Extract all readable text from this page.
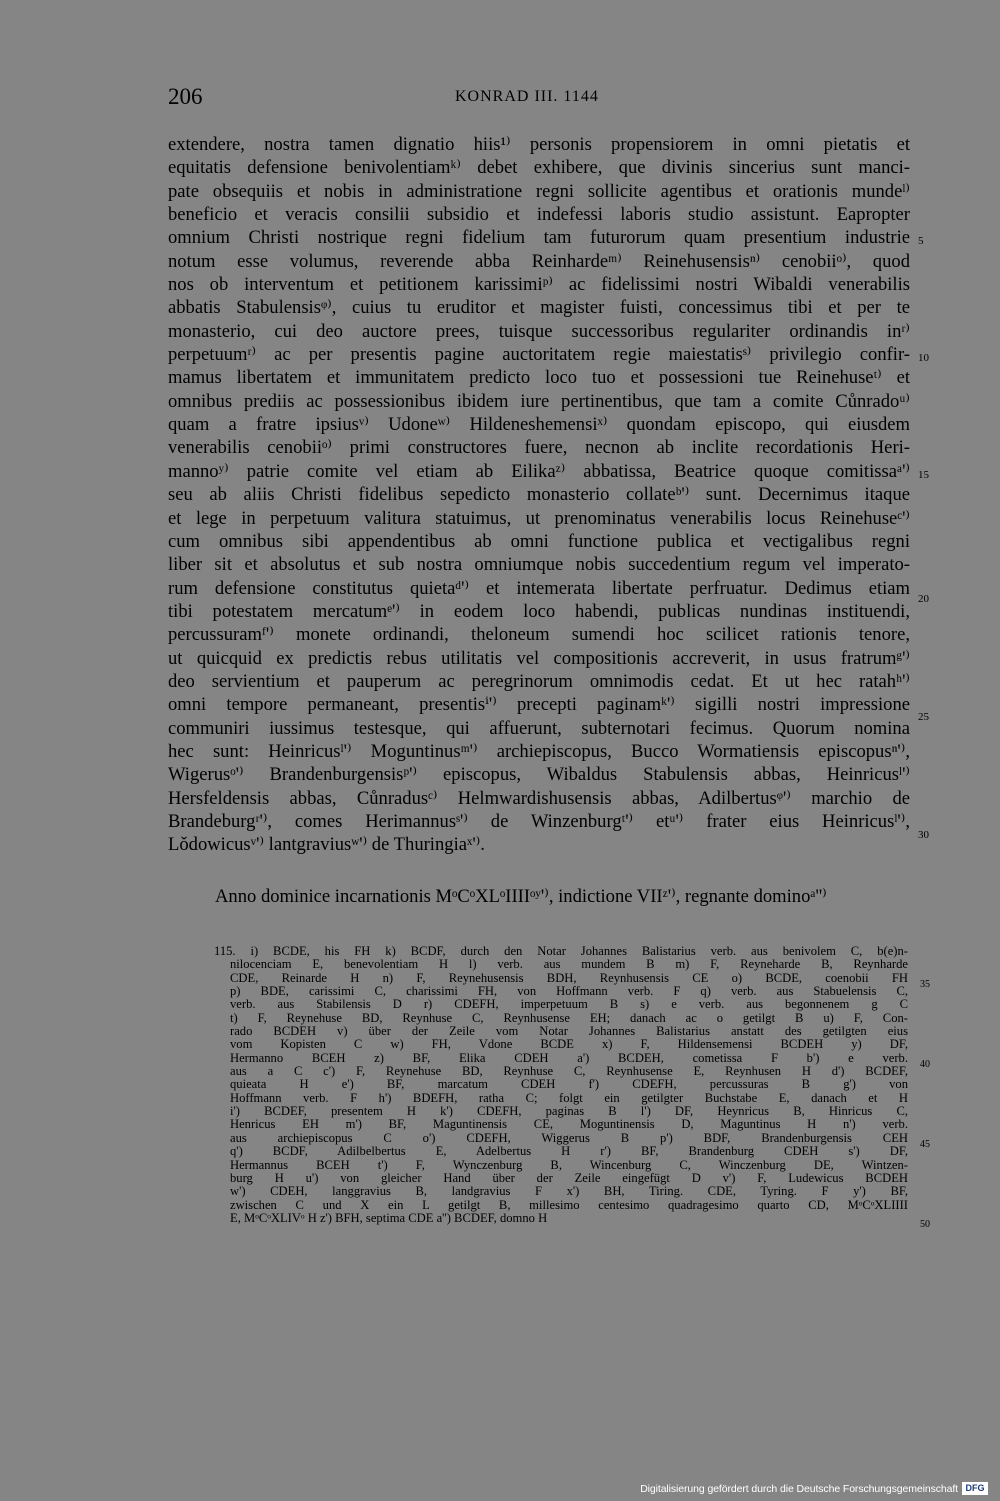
206	KONRAD III. 1144
extendere, nostra tamen dignatio hiis¹⁾ personis propensiorem in omni pietatis et
equitatis defensione benivolentiamᵏ⁾ debet exhibere, que divinis sincerius sunt manci-
pate obsequiis et nobis in administratione regni sollicite agentibus et orationis mundeˡ⁾
beneficio et veracis consilii subsidio et indefessi laboris studio assistunt. Eapropter
omnium Christi nostrique regni fidelium tam futurorum quam presentium industrie
notum esse volumus, reverende abba Reinhardeᵐ⁾ Reinehusensisⁿ⁾ cenobiiᵒ⁾, quod
nos ob interventum et petitionem karissimiᵖ⁾ ac fidelissimi nostri Wibaldi venerabilis
abbatis Stabulensisᵠ⁾, cuius tu eruditor et magister fuisti, concessimus tibi et per te
monasterio, cui deo auctore prees, tuisque successoribus regulariter ordinandis inʳ⁾
perpetuumʳ⁾ ac per presentis pagine auctoritatem regie maiestatisˢ⁾ privilegio confir-
mamus libertatem et immunitatem predicto loco tuo et possessioni tue Reinehuseᵗ⁾ et
omnibus prediis ac possessionibus ibidem iure pertinentibus, que tam a comite Cůnradoᵘ⁾
quam a fratre ipsiusᵛ⁾ Udoneʷ⁾ Hildeneshemensiˣ⁾ quondam episcopo, qui eiusdem
venerabilis cenobiiᵒ⁾ primi constructores fuere, necnon ab inclite recordationis Heri-
mannoʸ⁾ patrie comite vel etiam ab Eilikaᶻ⁾ abbatissa, Beatrice quoque comitissaᵃ'⁾
seu ab aliis Christi fidelibus sepedicto monasterio collateᵇ'⁾ sunt. Decernimus itaque
et lege in perpetuum valitura statuimus, ut prenominatus venerabilis locus Reinehuseᶜ'⁾
cum omnibus sibi appendentibus ab omni functione publica et vectigalibus regni
liber sit et absolutus et sub nostra omniumque nobis succedentium regum vel imperato-
rum defensione constitutus quietaᵈ'⁾ et intemerata libertate perfruatur. Dedimus etiam
tibi potestatem mercatumᵉ'⁾ in eodem loco habendi, publicas nundinas instituendi,
percussuramᶠ'⁾ monete ordinandi, theloneum sumendi hoc scilicet rationis tenore,
ut quicquid ex predictis rebus utilitatis vel compositionis accreverit, in usus fratrumᵍ'⁾
deo servientium et pauperum ac peregrinorum omnimodis cedat. Et ut hec ratahʰ'⁾
omni tempore permaneant, presentisⁱ'⁾ precepti paginamᵏ'⁾ sigilli nostri impressione
communiri iussimus testesque, qui affuerunt, subternotari fecimus. Quorum nomina
hec sunt: Heinricusˡ'⁾ Moguntinusᵐ'⁾ archiepiscopus, Bucco Wormatiensis episcopusⁿ'⁾,
Wigerusᵒ'⁾ Brandenburgensisᵖ'⁾ episcopus, Wibaldus Stabulensis abbas, Heinricusˡ'⁾
Hersfeldensis abbas, Cůnradusᶜ⁾ Helmwardishusensis abbas, Adilbertusᵠ'⁾ marchio de
Brandeburgʳ'⁾, comes Herimannusˢ'⁾ de Winzenburgᵗ'⁾ etᵘ'⁾ frater eius Heinricusˡ'⁾,
Lǒdowicusᵛ'⁾ lantgraviusʷ'⁾ de Thuringiaˣ'⁾.
5
10
15
20
25
30
Anno dominice incarnationis MᵒCᵒXLᵒIIIIᵒʸ'⁾, indictione VIIᶻ'⁾, regnante dominoᵃ''⁾
115. i) BCDE, his FH k) BCDF, durch den Notar Johannes Balistarius verb. aus benivolem C, b(e)n-
nilocenciam E, benevolentiam H l) verb. aus mundem B m) F, Reyneharde B, Reynharde
CDE, Reinarde H n) F, Reynehusensis BDH, Reynhusensis CE o) BCDE, coenobii FH
p) BDE, carissimi C, charissimi FH, von Hoffmann verb. F q) verb. aus Stabuelensis C,
verb. aus Stabilensis D r) CDEFH, imperpetuum B s) e verb. aus begonnenem g C
t) F, Reynehuse BD, Reynhuse C, Reynhusense EH; danach ac o getilgt B u) F, Con-
rado BCDEH v) über der Zeile vom Notar Johannes Balistarius anstatt des getilgten eius
vom Kopisten C w) FH, Vdone BCDE x) F, Hildensemensi BCDEH y) DF,
Hermanno BCEH z) BF, Elika CDEH a') BCDEH, cometissa F b') e verb.
aus a C c') F, Reynehuse BD, Reynhuse C, Reynhusense E, Reynhusen H d') BCDEF,
quieata H e') BF, marcatum CDEH f') CDEFH, percussuras B g') von
Hoffmann verb. F h') BDEFH, ratha C; folgt ein getilgter Buchstabe E, danach et H
i') BCDEF, presentem H k') CDEFH, paginas B l') DF, Heynricus B, Hinricus C,
Henricus EH m') BF, Maguntinensis CE, Moguntinensis D, Maguntinus H n') verb.
aus archiepiscopus C o') CDEFH, Wiggerus B p') BDF, Brandenburgensis CEH
q') BCDF, Adilbelbertus E, Adelbertus H r') BF, Brandenburg CDEH s') DF,
Hermannus BCEH t') F, Wynczenburg B, Wincenburg C, Winczenburg DE, Wintzen-
burg H u') von gleicher Hand über der Zeile eingefügt D v') F, Ludewicus BCDEH
w') CDEH, langgravius B, landgravius F x') BH, Tiring. CDE, Tyring. F y') BF,
zwischen C und X ein L getilgt B, millesimo centesimo quadragesimo quarto CD, MᵒCᵒXLIIII
E, MᵒCᵒXLIVᵒ H z') BFH, septima CDE a'') BCDEF, domno H
35
40
45
50
Digitalisierung gefördert durch die Deutsche Forschungsgemeinschaft DFG
